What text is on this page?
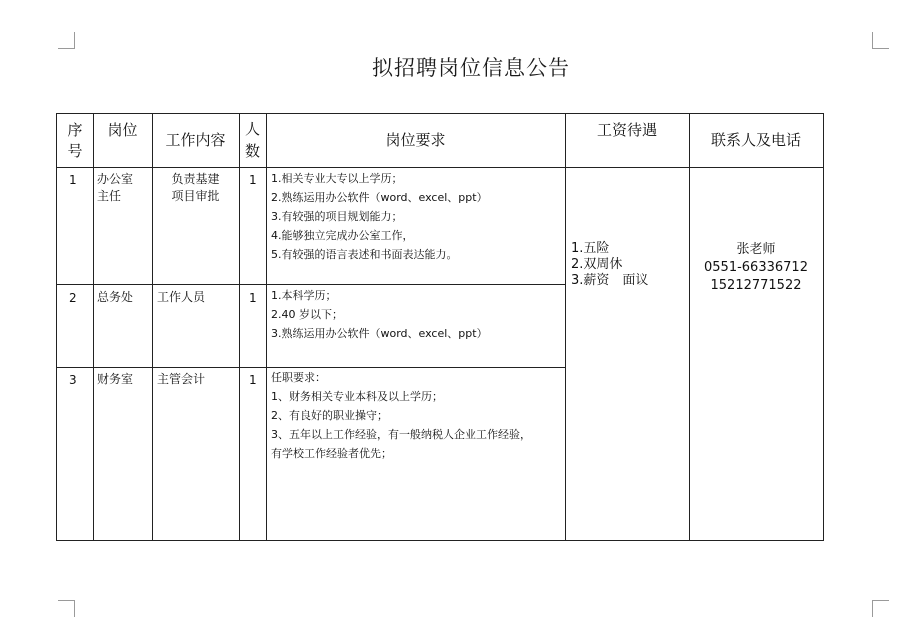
拟招聘岗位信息公告
序
号
岗位
工作内容
人
数
岗位要求
工资待遇
联系人及电话
1 办公室
主任
负责基建
项目审批
1 1.相关专业大专以上学历；
2.熟练运用办公软件（word、excel、ppt）
3.有较强的项目规划能力；
4.能够独立完成办公室工作，
5.有较强的语言表述和书面表达能力。
2 总务处 工作人员	1 1.本科学历；
2.40 岁以下；
3.熟练运用办公软件（word、excel、ppt）
3 财务室 主管会计	1 任职要求：
1、财务相关专业本科及以上学历；
2、有良好的职业操守；
3、五年以上工作经验，有一般纳税人企业工作经验，
有学校工作经验者优先；
1.五险
2.双周休
3.薪资　面议
张老师
0551-66336712
15212771522
